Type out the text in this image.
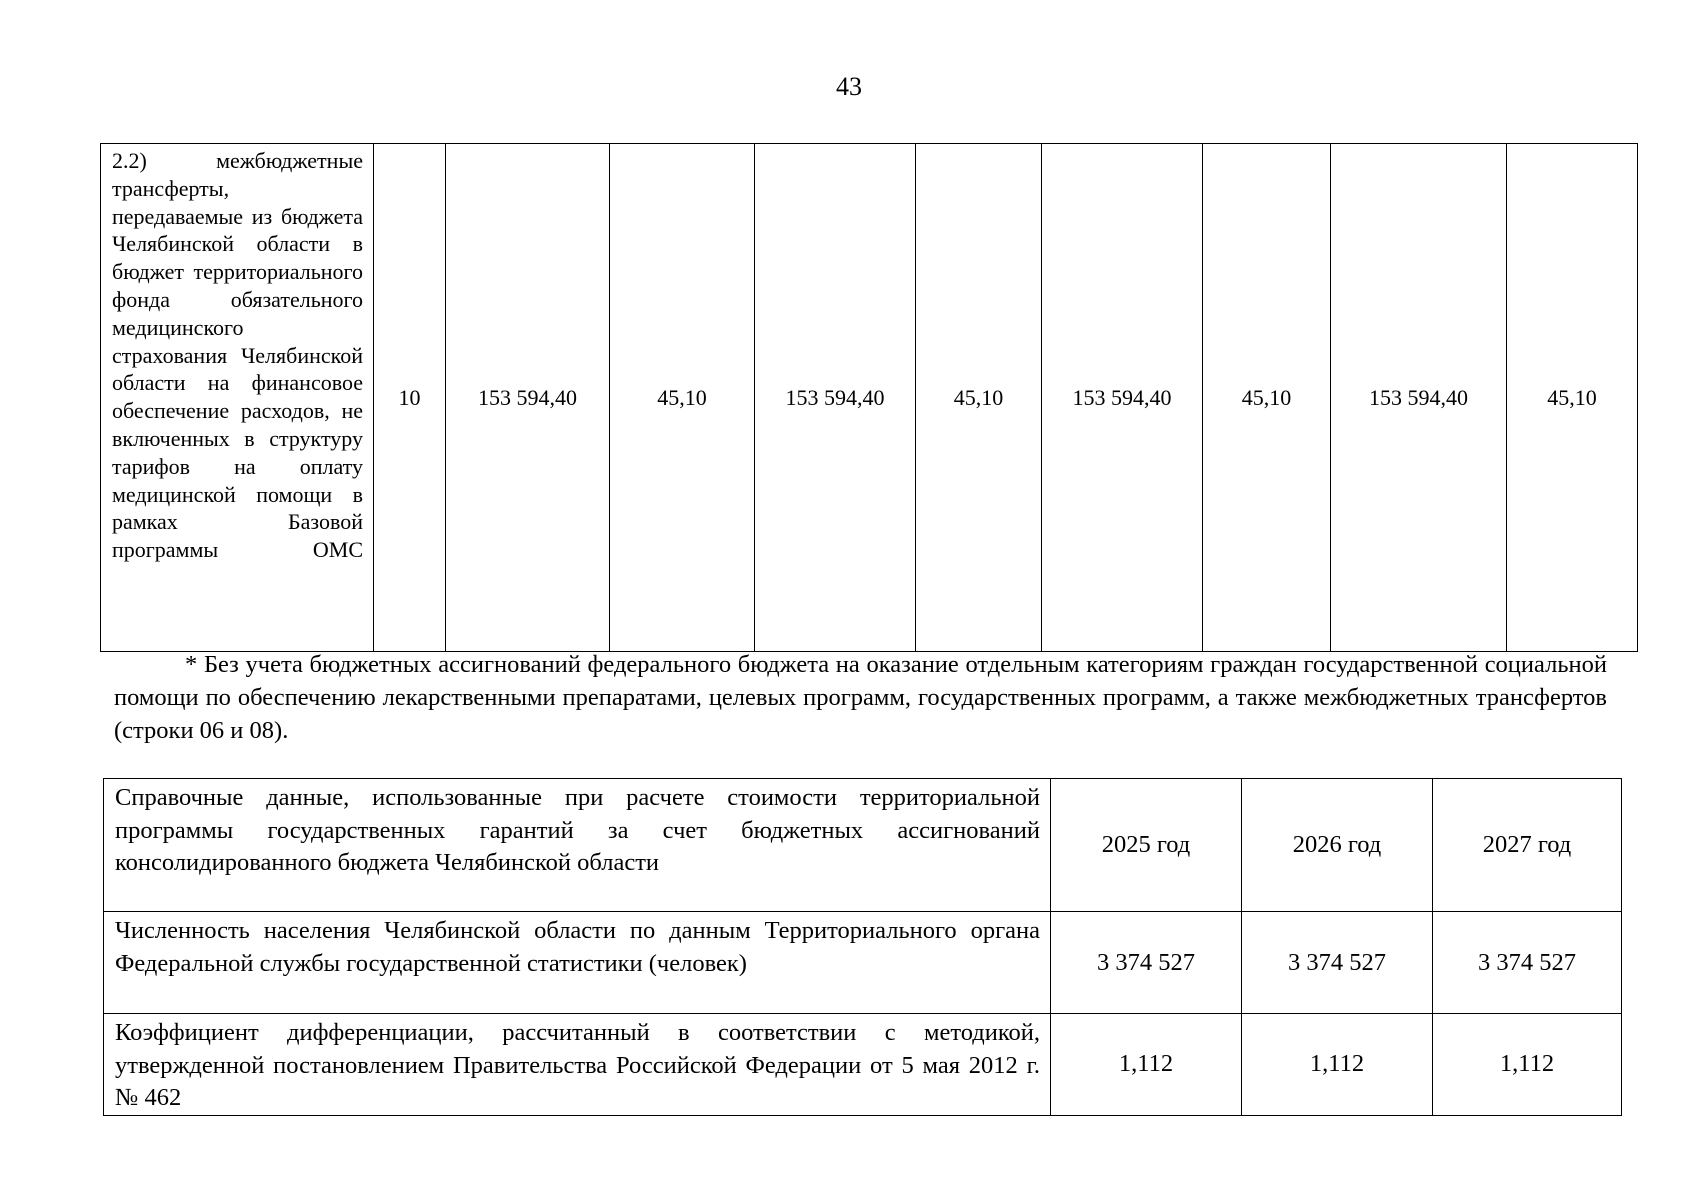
43
2.2) межбюджетные трансферты, передаваемые из бюджета Челябинской области в бюджет территориального фонда обязательного медицинского страхования Челябинской области на финансовое обеспечение расходов, не включенных в структуру тарифов на оплату медицинской помощи в рамках Базовой программы ОМС	10	153 594,40	45,10	153 594,40	45,10	153 594,40	45,10	153 594,40	45,10

* Без учета бюджетных ассигнований федерального бюджета на оказание отдельным категориям граждан государственной социальной помощи по обеспечению лекарственными препаратами, целевых программ, государственных программ, а также межбюджетных трансфертов (строки 06 и 08).

Справочные данные, использованные при расчете стоимости территориальной программы государственных гарантий за счет бюджетных ассигнований консолидированного бюджета Челябинской области	2025 год	2026 год	2027 год
Численность населения Челябинской области по данным Территориального органа Федеральной службы государственной статистики (человек)	3 374 527	3 374 527	3 374 527
Коэффициент дифференциации, рассчитанный в соответствии с методикой, утвержденной постановлением Правительства Российской Федерации от 5 мая 2012 г. № 462	1,112	1,112	1,112
